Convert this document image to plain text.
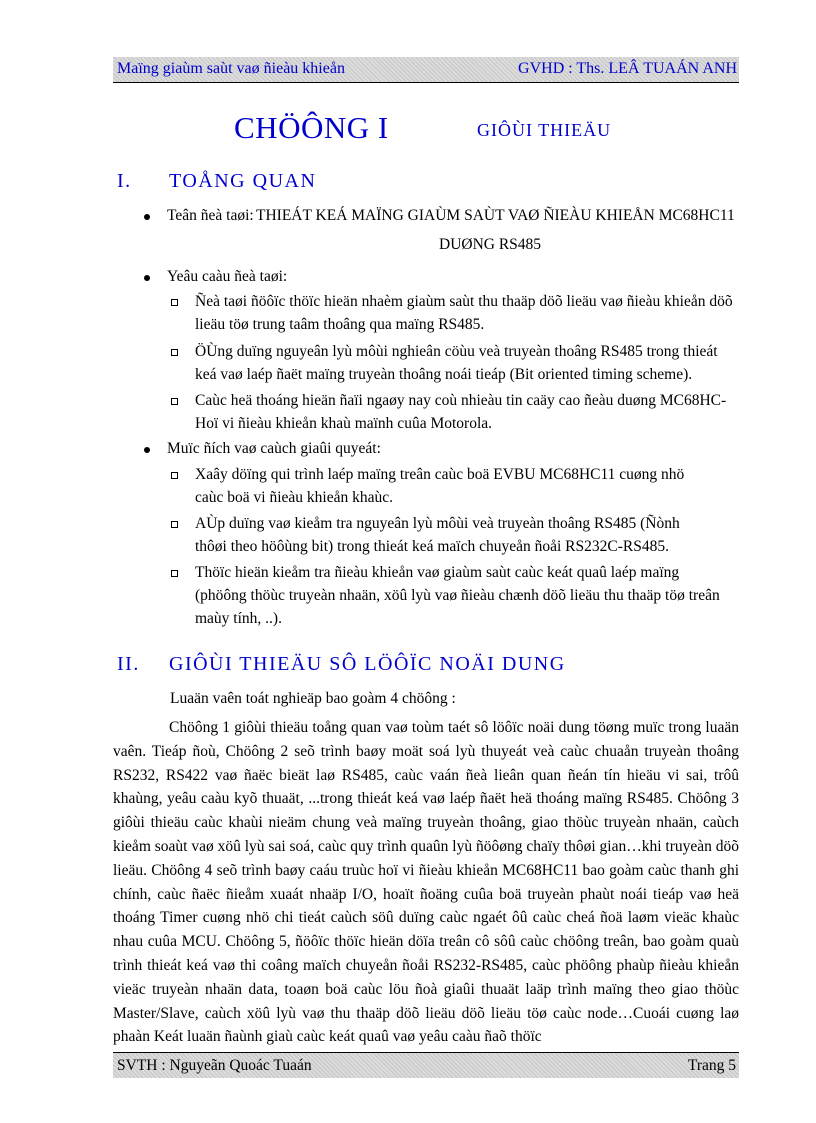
Maïng giaùm saùt vaø ñieàu khieån	GVHD : Ths. LEÂ TUAÁN ANH
CHÖÔNG I	GIÔÙI THIEÄU
I. TOÅNG QUAN
Teân ñeà taøi: THIEÁT KEÁ MAÏNG GIAÙM SAÙT VAØ ÑIEÀU KHIEÅN MC68HC11
DUØNG RS485
Yeâu caàu ñeà taøi:
Ñeà taøi ñöôïc thöïc hieän nhaèm giaùm saùt thu thaäp döõ lieäu vaø ñieàu khieån döõ
lieäu töø trung taâm thoâng qua maïng RS485.
ÖÙng duïng nguyeân lyù môùi nghieân cöùu veà truyeàn thoâng RS485 trong thieát
keá vaø laép ñaët maïng truyeàn thoâng noái tieáp (Bit oriented timing scheme).
Caùc heä thoáng hieän ñaïi ngaøy nay coù nhieàu tin caäy cao ñeàu duøng MC68HC-
Hoï vi ñieàu khieån khaù maïnh cuûa Motorola.
Muïc ñích vaø caùch giaûi quyeát:
Xaây döïng qui trình laép maïng treân caùc boä EVBU MC68HC11 cuøng nhö
caùc boä vi ñieàu khieån khaùc.
AÙp duïng vaø kieåm tra nguyeân lyù môùi veà truyeàn thoâng RS485 (Ñònh
thôøi theo höôùng bit) trong thieát keá maïch chuyeån ñoåi RS232C-RS485.
Thöïc hieän kieåm tra ñieàu khieån vaø giaùm saùt caùc keát quaû laép maïng
(phöông thöùc truyeàn nhaän, xöû lyù vaø ñieàu chænh döõ lieäu thu thaäp töø treân
maùy tính, ..).
II. GIÔÙI THIEÄU SÔ LÖÔÏC NOÄI DUNG
Luaän vaên toát nghieäp bao goàm 4 chöông :
Chöông 1 giôùi thieäu toång quan vaø toùm taét sô löôïc noäi dung töøng muïc trong luaän vaên. Tieáp ñoù, Chöông 2 seõ trình baøy moät soá lyù thuyeát veà caùc chuaån truyeàn thoâng RS232, RS422 vaø ñaëc bieät laø RS485, caùc vaán ñeà lieân quan ñeán tín hieäu vi sai, trôû khaùng, yeâu caàu kyõ thuaät, ...trong thieát keá vaø laép ñaët heä thoáng maïng RS485. Chöông 3 giôùi thieäu caùc khaùi nieäm chung veà maïng truyeàn thoâng, giao thöùc truyeàn nhaän, caùch kieåm soaùt vaø xöû lyù sai soá, caùc quy trình quaûn lyù ñöôøng chaïy thôøi gian…khi truyeàn döõ lieäu. Chöông 4 seõ trình baøy caáu truùc hoï vi ñieàu khieån MC68HC11 bao goàm caùc thanh ghi chính, caùc ñaëc ñieåm xuaát nhaäp I/O, hoaït ñoäng cuûa boä truyeàn phaùt noái tieáp vaø heä thoáng Timer cuøng nhö chi tieát caùch söû duïng caùc ngaét ôû caùc cheá ñoä laøm vieäc khaùc nhau cuûa MCU. Chöông 5, ñöôïc thöïc hieän döïa treân cô sôû caùc chöông treân, bao goàm quaù trình thieát keá vaø thi coâng maïch chuyeån ñoåi RS232-RS485, caùc phöông phaùp ñieàu khieån vieäc truyeàn nhaän data, toaøn boä caùc löu ñoà giaûi thuaät laäp trình maïng theo giao thöùc Master/Slave, caùch xöû lyù vaø thu thaäp döõ lieäu döõ lieäu töø caùc node…Cuoái cuøng laø phaàn Keát luaän ñaùnh giaù caùc keát quaû vaø yeâu caàu ñaõ thöïc
SVTH : Nguyeãn Quoác Tuaán	Trang 5
